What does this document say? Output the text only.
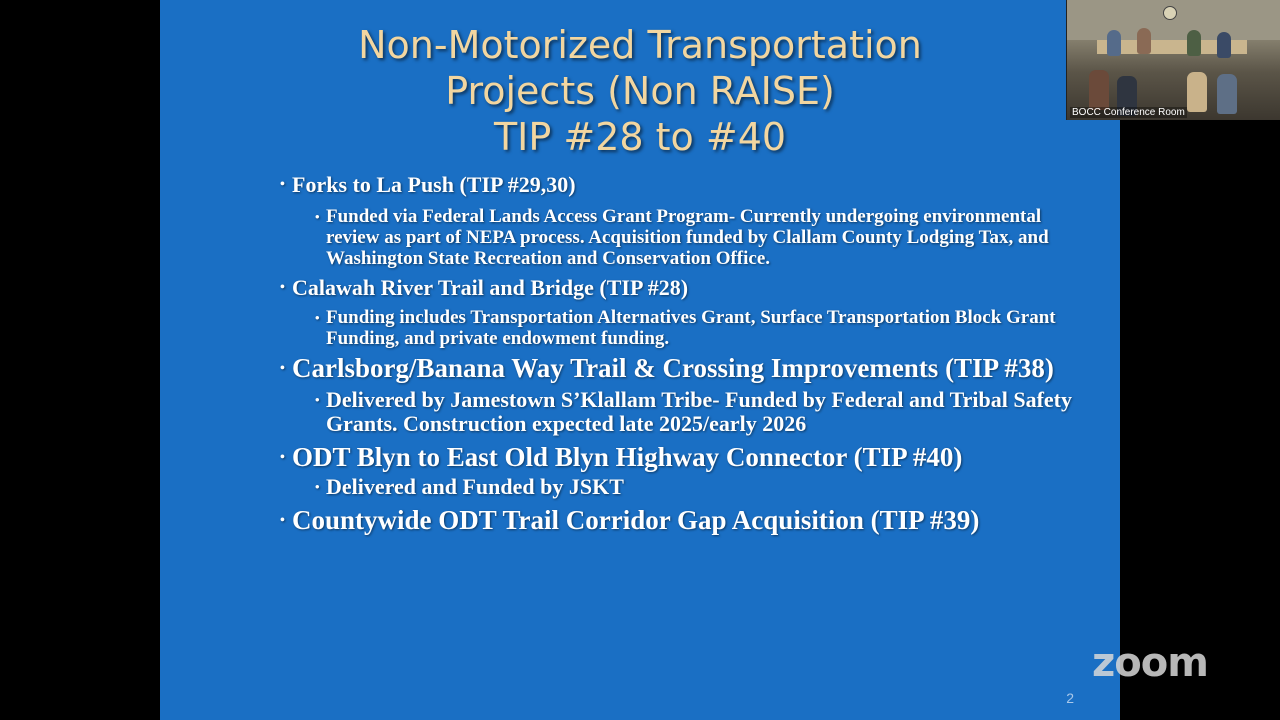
Non-Motorized Transportation
Projects (Non RAISE)
TIP #28 to #40

• Forks to La Push (TIP #29,30)

• Funded via Federal Lands Access Grant Program- Currently undergoing environmental review as part of NEPA process. Acquisition funded by Clallam County Lodging Tax, and Washington State Recreation and Conservation Office.

• Calawah River Trail and Bridge (TIP #28)

• Funding includes Transportation Alternatives Grant, Surface Transportation Block Grant Funding, and private endowment funding.

• Carlsborg/Banana Way Trail & Crossing Improvements (TIP #38)

• Delivered by Jamestown S’Klallam Tribe- Funded by Federal and Tribal Safety Grants. Construction expected late 2025/early 2026

• ODT Blyn to East Old Blyn Highway Connector (TIP #40)

• Delivered and Funded by JSKT

• Countywide ODT Trail Corridor Gap Acquisition (TIP #39)

2
BOCC Conference Room
zoom
